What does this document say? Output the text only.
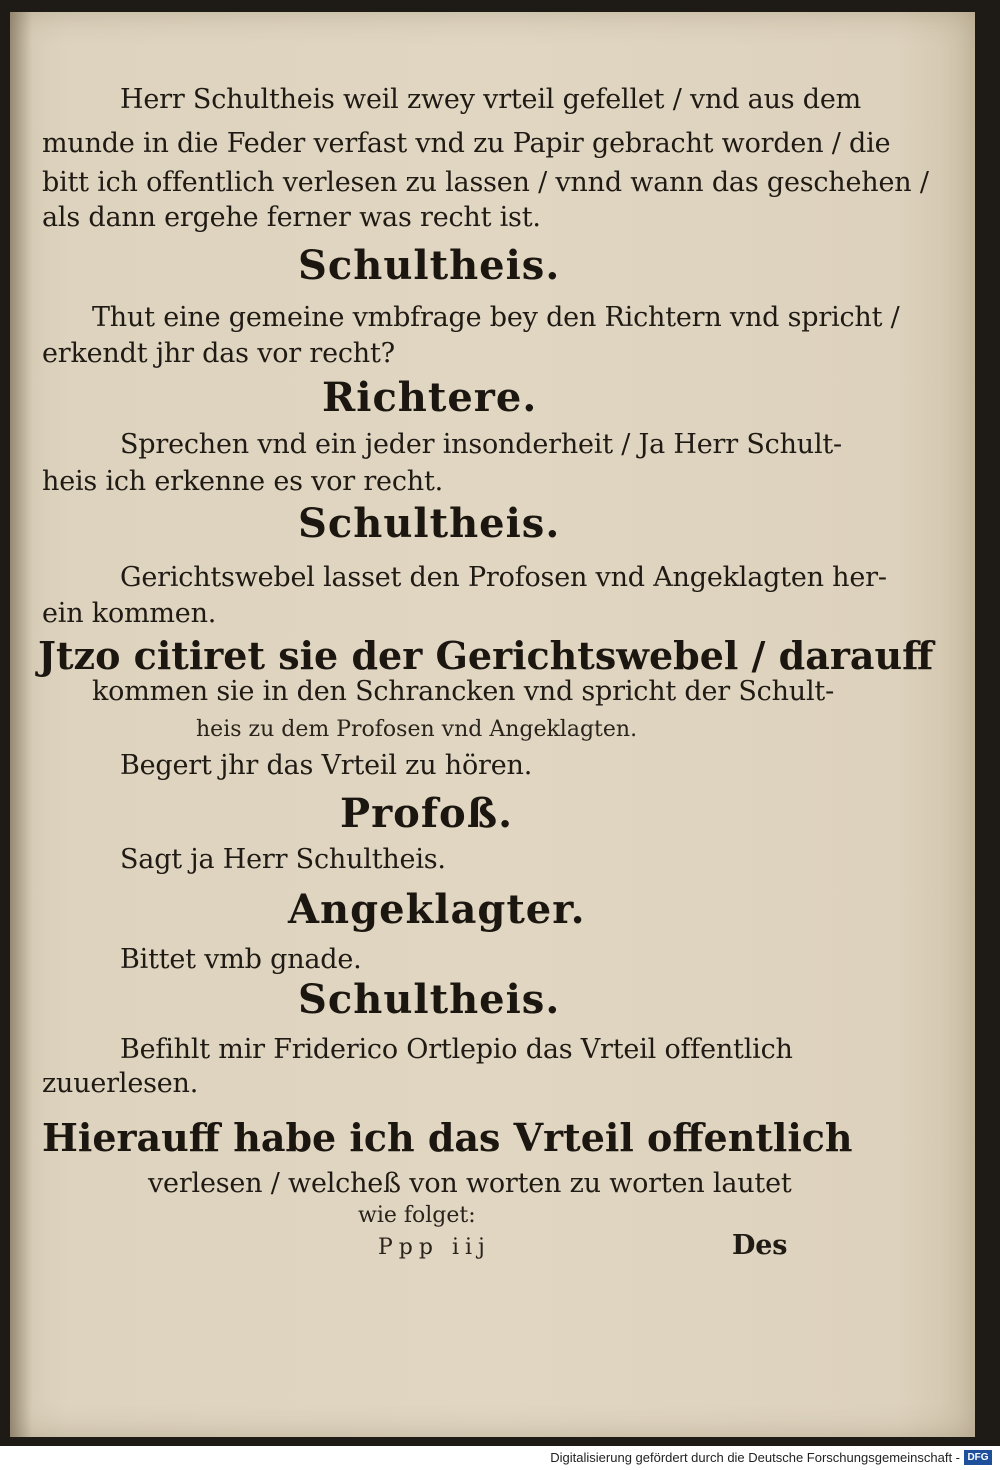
Herr Schultheis weil zwey vrteil gefellet / vnd aus dem
munde in die Feder verfast vnd zu Papir gebracht worden / die
bitt ich offentlich verlesen zu lassen / vnnd wann das geschehen /
als dann ergehe ferner was recht ist.
Schultheis.
Thut eine gemeine vmbfrage bey den Richtern vnd spricht /
erkendt jhr das vor recht?
Richtere.
Sprechen vnd ein jeder insonderheit / Ja Herr Schult-
heis ich erkenne es vor recht.
Schultheis.
Gerichtswebel lasset den Profosen vnd Angeklagten her-
ein kommen.
Jtzo citiret sie der Gerichtswebel / darauff
kommen sie in den Schrancken vnd spricht der Schult-
heis zu dem Profosen vnd Angeklagten.
Begert jhr das Vrteil zu hören.
Profoß.
Sagt ja Herr Schultheis.
Angeklagter.
Bittet vmb gnade.
Schultheis.
Befihlt mir Friderico Ortlepio das Vrteil offentlich
zuuerlesen.
Hierauff habe ich das Vrteil offentlich
verlesen / welcheß von worten zu worten lautet
wie folget:
Ppp iij	Des
Digitalisierung gefördert durch die Deutsche Forschungsgemeinschaft - DFG
